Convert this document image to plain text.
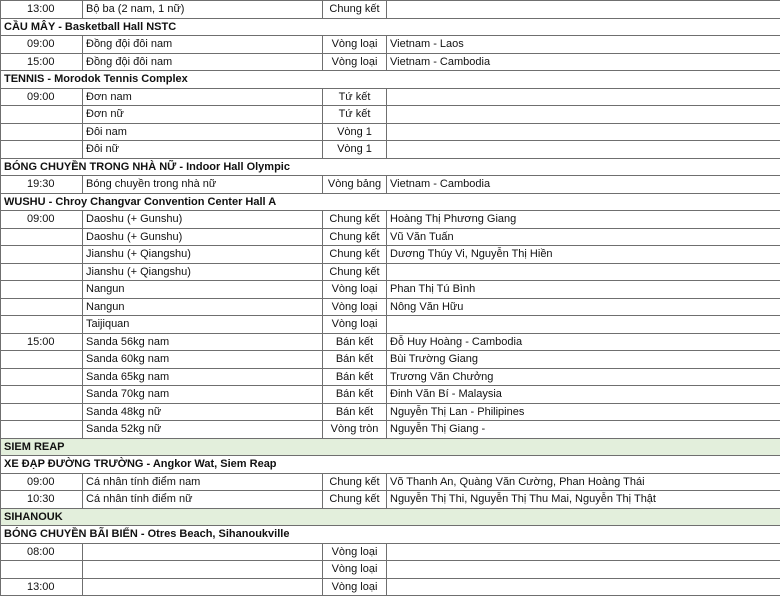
13:00	Bộ ba (2 nam, 1 nữ)	Chung kết	
CẦU MÂY - Basketball Hall NSTC			
09:00	Đồng đội đôi nam	Vòng loại	Vietnam - Laos
15:00	Đồng đội đôi nam	Vòng loại	Vietnam - Cambodia
TENNIS - Morodok Tennis Complex			
09:00	Đơn nam	Tứ kết	
	Đơn nữ	Tứ kết	
	Đôi nam	Vòng 1	
	Đôi nữ	Vòng 1	
BÓNG CHUYỀN TRONG NHÀ NỮ - Indoor Hall Olympic			
19:30	Bóng chuyền trong nhà nữ	Vòng bảng	Vietnam - Cambodia
WUSHU - Chroy Changvar Convention Center Hall A			
09:00	Daoshu (+ Gunshu)	Chung kết	Hoàng Thị Phương Giang
	Daoshu (+ Gunshu)	Chung kết	Vũ Văn Tuấn
	Jianshu (+ Qiangshu)	Chung kết	Dương Thúy Vi, Nguyễn Thị Hiền
	Jianshu (+ Qiangshu)	Chung kết	
	Nangun	Vòng loại	Phan Thị Tú Bình
	Nangun	Vòng loại	Nông Văn Hữu
	Taijiquan	Vòng loại	
15:00	Sanda 56kg nam	Bán kết	Đỗ Huy Hoàng - Cambodia
	Sanda 60kg nam	Bán kết	Bùi Trường Giang
	Sanda 65kg nam	Bán kết	Trương Văn Chưởng
	Sanda 70kg nam	Bán kết	Đinh Văn Bí - Malaysia
	Sanda 48kg nữ	Bán kết	Nguyễn Thị Lan - Philipines
	Sanda 52kg nữ	Vòng tròn	Nguyễn Thị Giang -
SIEM REAP			
XE ĐẠP ĐƯỜNG TRƯỜNG - Angkor Wat, Siem Reap			
09:00	Cá nhân tính điểm nam	Chung kết	Võ Thanh An, Quàng Văn Cường, Phan Hoàng Thái
10:30	Cá nhân tính điểm nữ	Chung kết	Nguyễn Thị Thi, Nguyễn Thị Thu Mai, Nguyễn Thị Thật
SIHANOUK			
BÓNG CHUYỀN BÃI BIỂN - Otres Beach, Sihanoukville			
08:00		Vòng loại	
		Vòng loại	
13:00		Vòng loại	
